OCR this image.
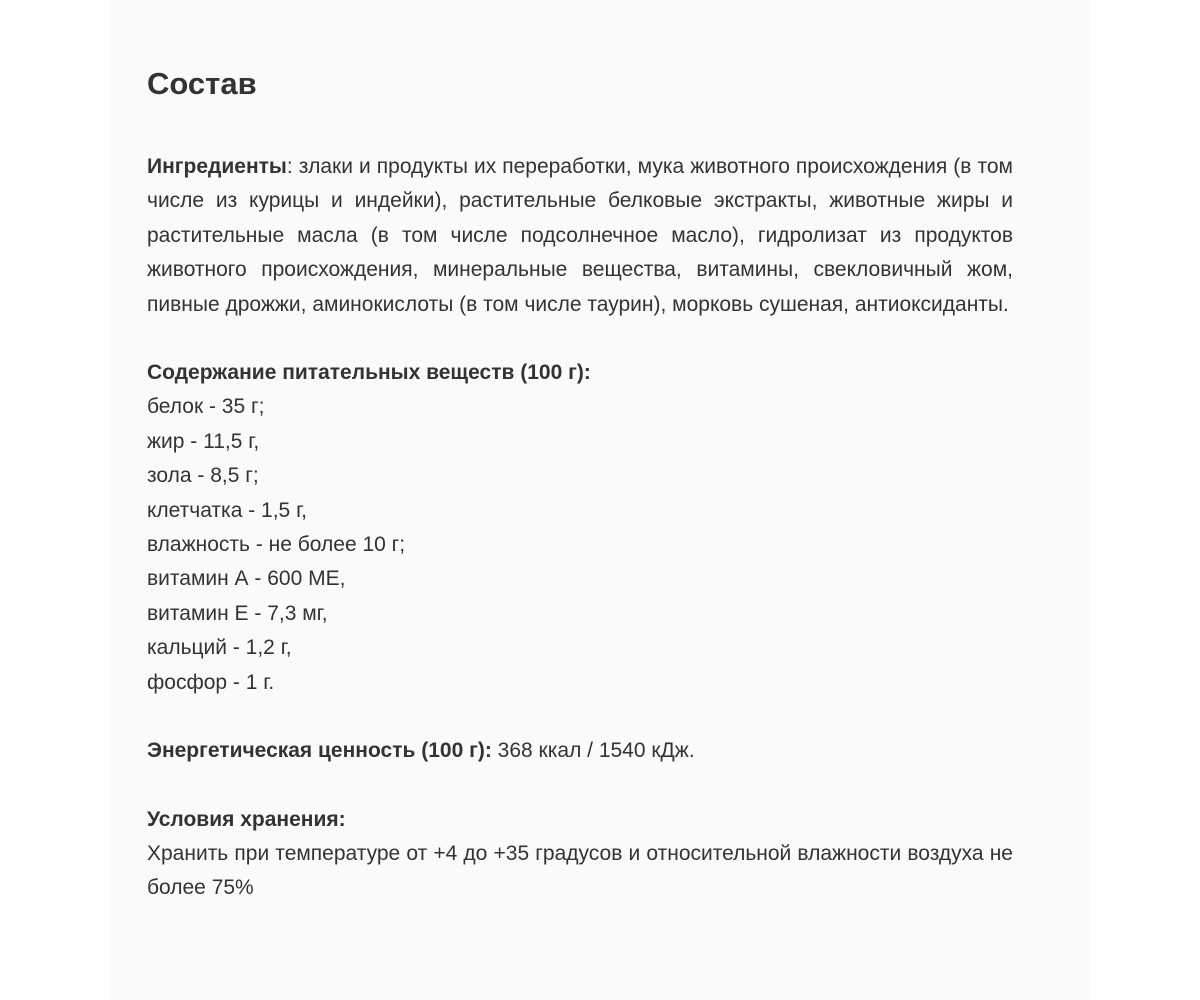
Состав

Ингредиенты: злаки и продукты их переработки, мука животного происхождения (в том числе из курицы и индейки), растительные белковые экстракты, животные жиры и растительные масла (в том числе подсолнечное масло), гидролизат из продуктов животного происхождения, минеральные вещества, витамины, свекловичный жом, пивные дрожжи, аминокислоты (в том числе таурин), морковь сушеная, антиоксиданты.

Содержание питательных веществ (100 г):
белок - 35 г;
жир - 11,5 г,
зола - 8,5 г;
клетчатка - 1,5 г,
влажность - не более 10 г;
витамин А - 600 МЕ,
витамин Е - 7,3 мг,
кальций - 1,2 г,
фосфор - 1 г.

Энергетическая ценность (100 г): 368 ккал / 1540 кДж.

Условия хранения:

Хранить при температуре от +4 до +35 градусов и относительной влажности воздуха не более 75%
